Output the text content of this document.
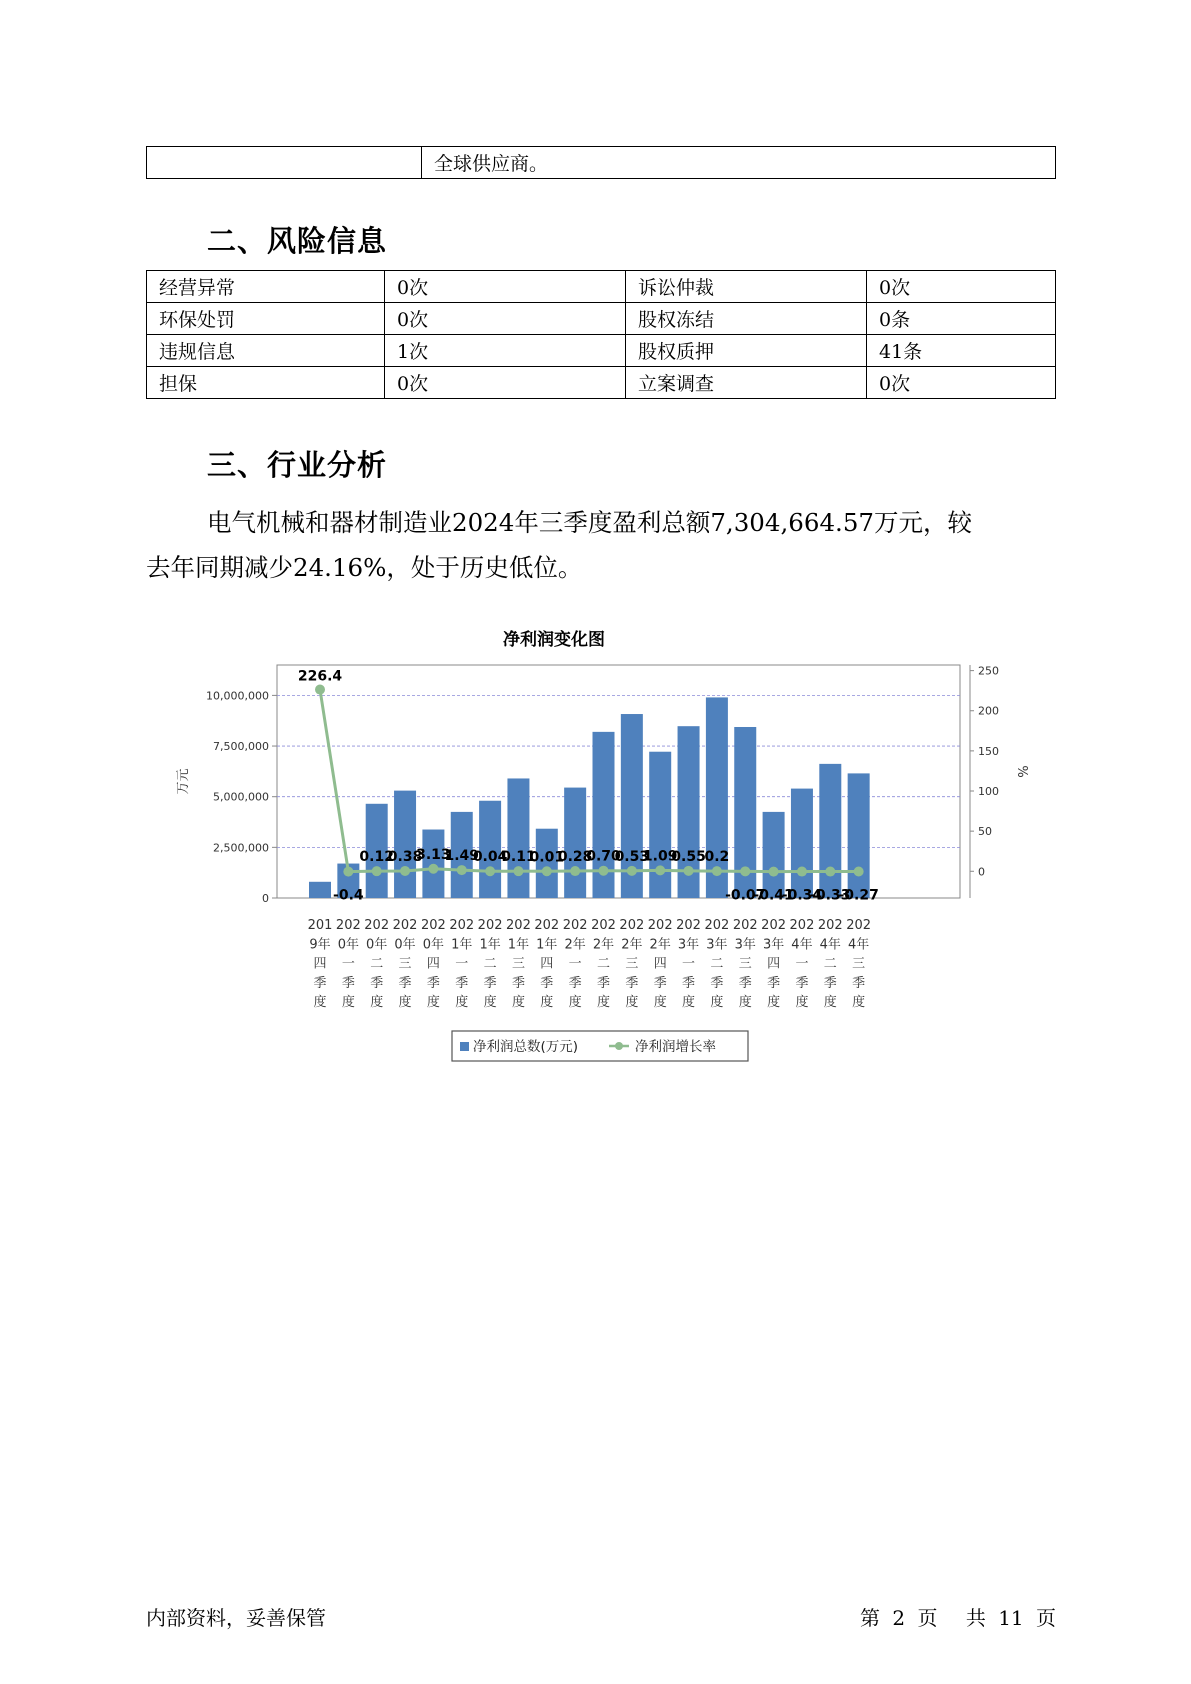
	全球供应商。
二、风险信息
经营异常	0次	诉讼仲裁	0次
环保处罚	0次	股权冻结	0条
违规信息	1次	股权质押	41条
担保	0次	立案调查	0次
三、行业分析
电气机械和器材制造业2024年三季度盈利总额7,304,664.57万元，较
去年同期减少24.16%，处于历史低位。
净利润变化图
0
2,500,000
5,000,000
7,500,000
10,000,000
0
50
100
150
200
250
万元	%
201
9年
四
季
度
202
0年
一
季
度
202
0年
二
季
度
202
0年
三
季
度
202
0年
四
季
度
202
1年
一
季
度
202
1年
二
季
度
202
1年
三
季
度
202
1年
四
季
度
202
2年
一
季
度
202
2年
二
季
度
202
2年
三
季
度
202
2年
四
季
度
202
3年
一
季
度
202
3年
二
季
度
202
3年
三
季
度
202
3年
四
季
度
202
4年
一
季
度
202
4年
二
季
度
202
4年
三
季
度
226.4
-0.4
0.12
0.38
3.13
1.49
0.04
0.11
0.01
0.28
0.70
0.53
1.09
0.55
0.2
-0.07
-0.41
-0.34
-0.33
-0.27
净利润总数(万元)	净利润增长率
内部资料，妥善保管	第 2 页 共 11 页
